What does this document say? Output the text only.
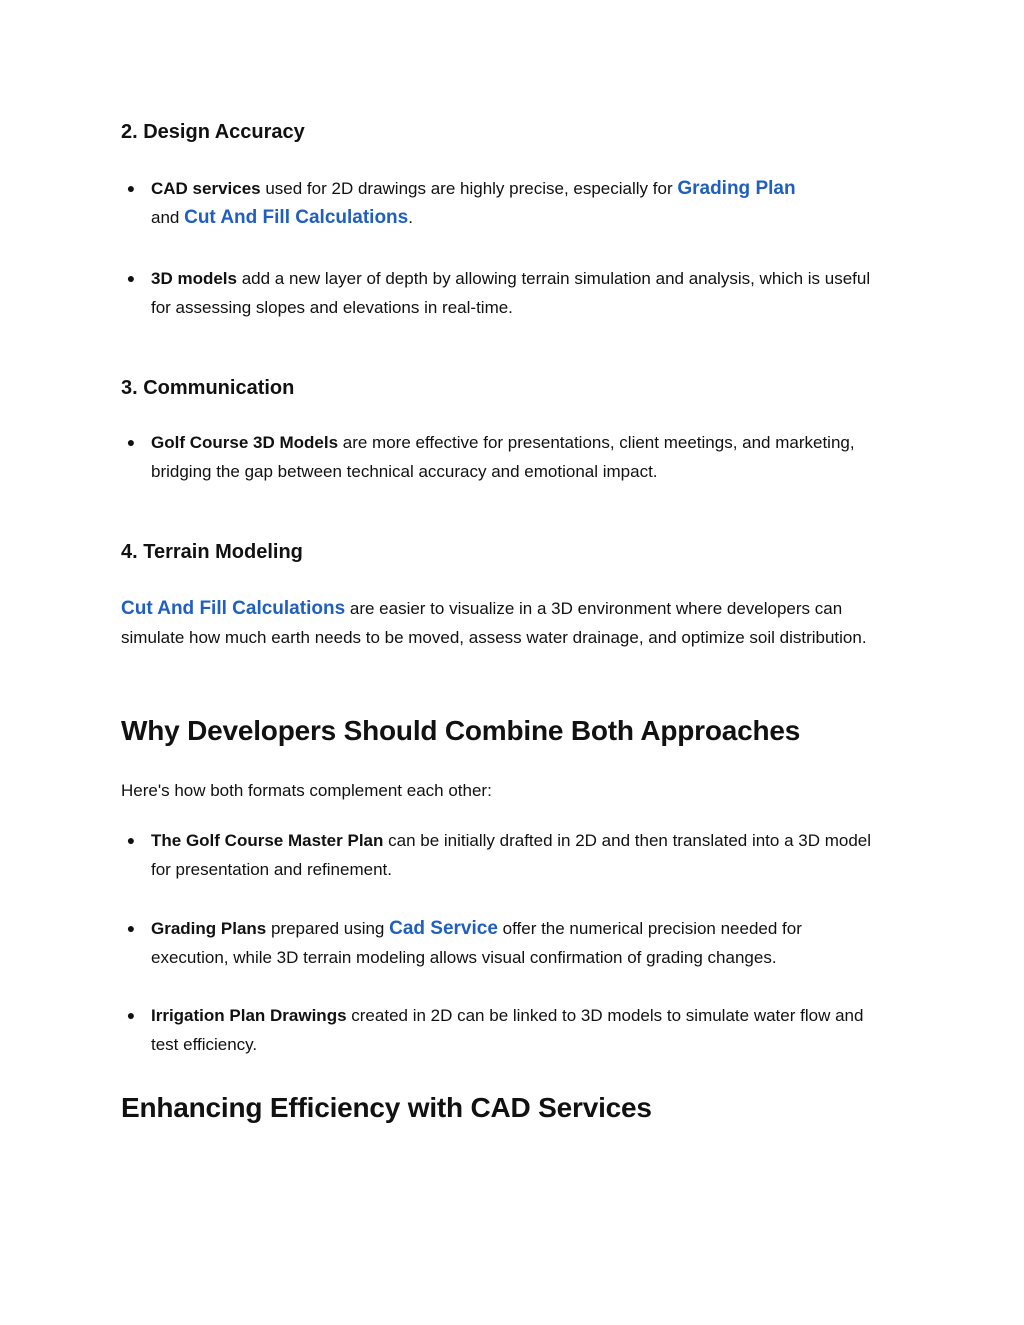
2. Design Accuracy
● CAD services used for 2D drawings are highly precise, especially for Grading Plan
and Cut And Fill Calculations.
● 3D models add a new layer of depth by allowing terrain simulation and analysis, which is useful for assessing slopes and elevations in real-time.
3. Communication
● Golf Course 3D Models are more effective for presentations, client meetings, and marketing, bridging the gap between technical accuracy and emotional impact.
4. Terrain Modeling

Cut And Fill Calculations are easier to visualize in a 3D environment where developers can simulate how much earth needs to be moved, assess water drainage, and optimize soil distribution.

Why Developers Should Combine Both Approaches

Here's how both formats complement each other:

● The Golf Course Master Plan can be initially drafted in 2D and then translated into a 3D model for presentation and refinement.
● Grading Plans prepared using Cad Service offer the numerical precision needed for execution, while 3D terrain modeling allows visual confirmation of grading changes.
● Irrigation Plan Drawings created in 2D can be linked to 3D models to simulate water flow and test efficiency.
Enhancing Efficiency with CAD Services
